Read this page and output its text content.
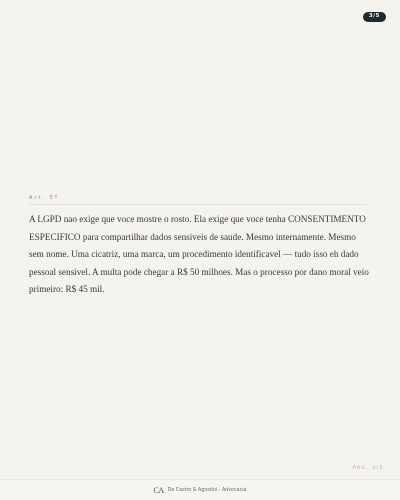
3/5
Art. 5º

A LGPD nao exige que voce mostre o rosto. Ela exige que voce tenha CONSENTIMENTO ESPECIFICO para compartilhar dados sensiveis de saude. Mesmo internamente. Mesmo sem nome. Uma cicatriz, uma marca, um procedimento identificavel — tudo isso eh dado pessoal sensivel. A multa pode chegar a R$ 50 milhoes. Mas o processo por dano moral veio primeiro: R$ 45 mil.

PAG. 3/5
CA De Castro & Agostini · Advocacia
